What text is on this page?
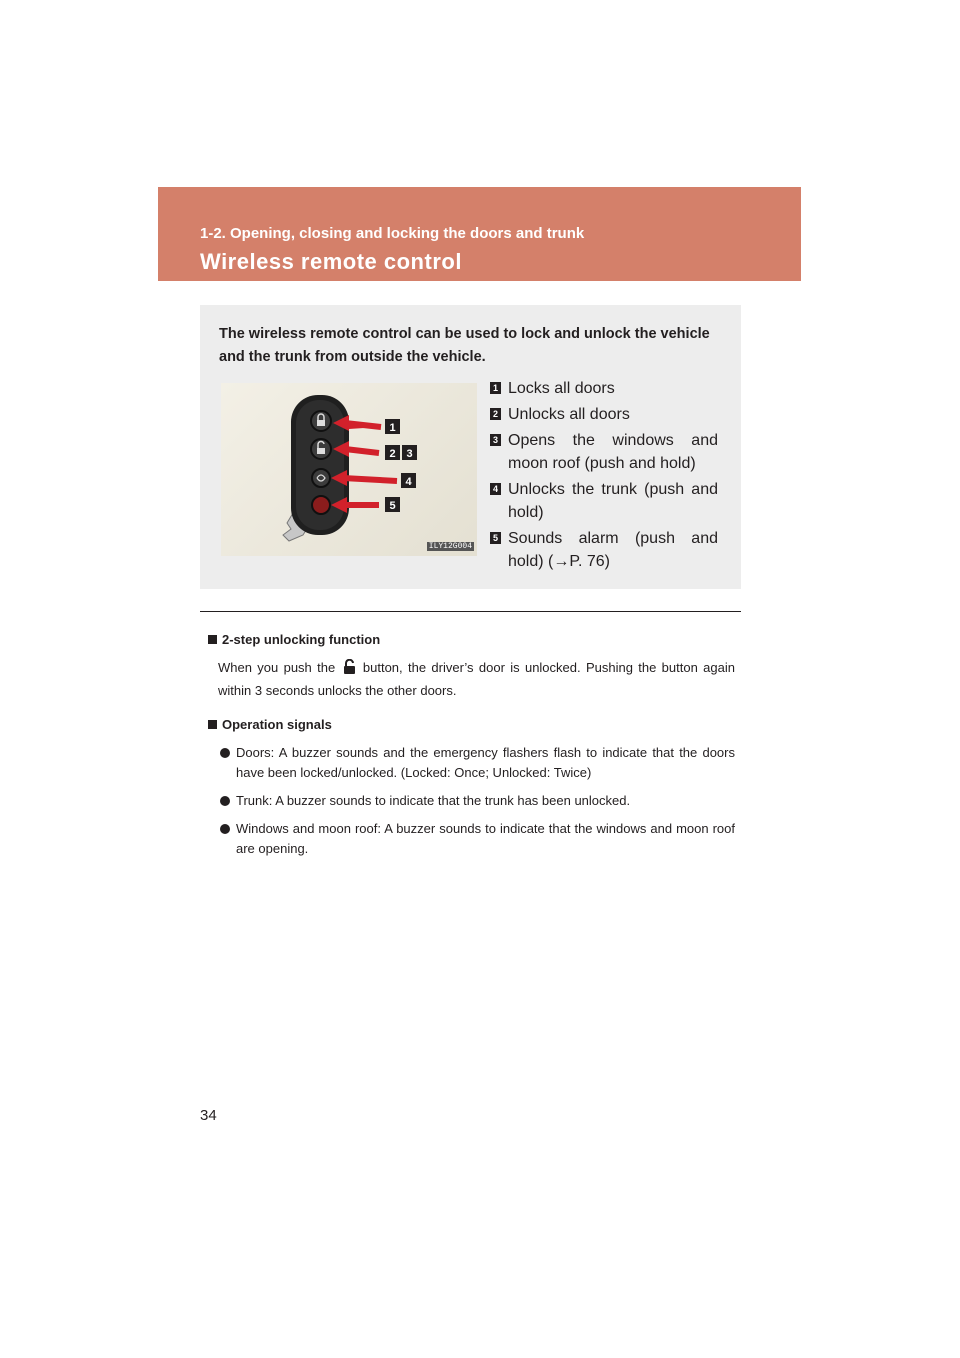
1-2. Opening, closing and locking the doors and trunk
Wireless remote control
The wireless remote control can be used to lock and unlock the vehicle and the trunk from outside the vehicle.
1
2 3
4
5
ILY12G004
1 Locks all doors
2 Unlocks all doors
3 Opens the windows and moon roof (push and hold)
4 Unlocks the trunk (push and hold)
5 Sounds alarm (push and hold) (→P. 76)
2-step unlocking function
When you push the button, the driver’s door is unlocked. Pushing the button again within 3 seconds unlocks the other doors.
Operation signals
Doors: A buzzer sounds and the emergency flashers flash to indicate that the doors have been locked/unlocked. (Locked: Once; Unlocked: Twice)
Trunk: A buzzer sounds to indicate that the trunk has been unlocked.
Windows and moon roof: A buzzer sounds to indicate that the windows and moon roof are opening.
34
